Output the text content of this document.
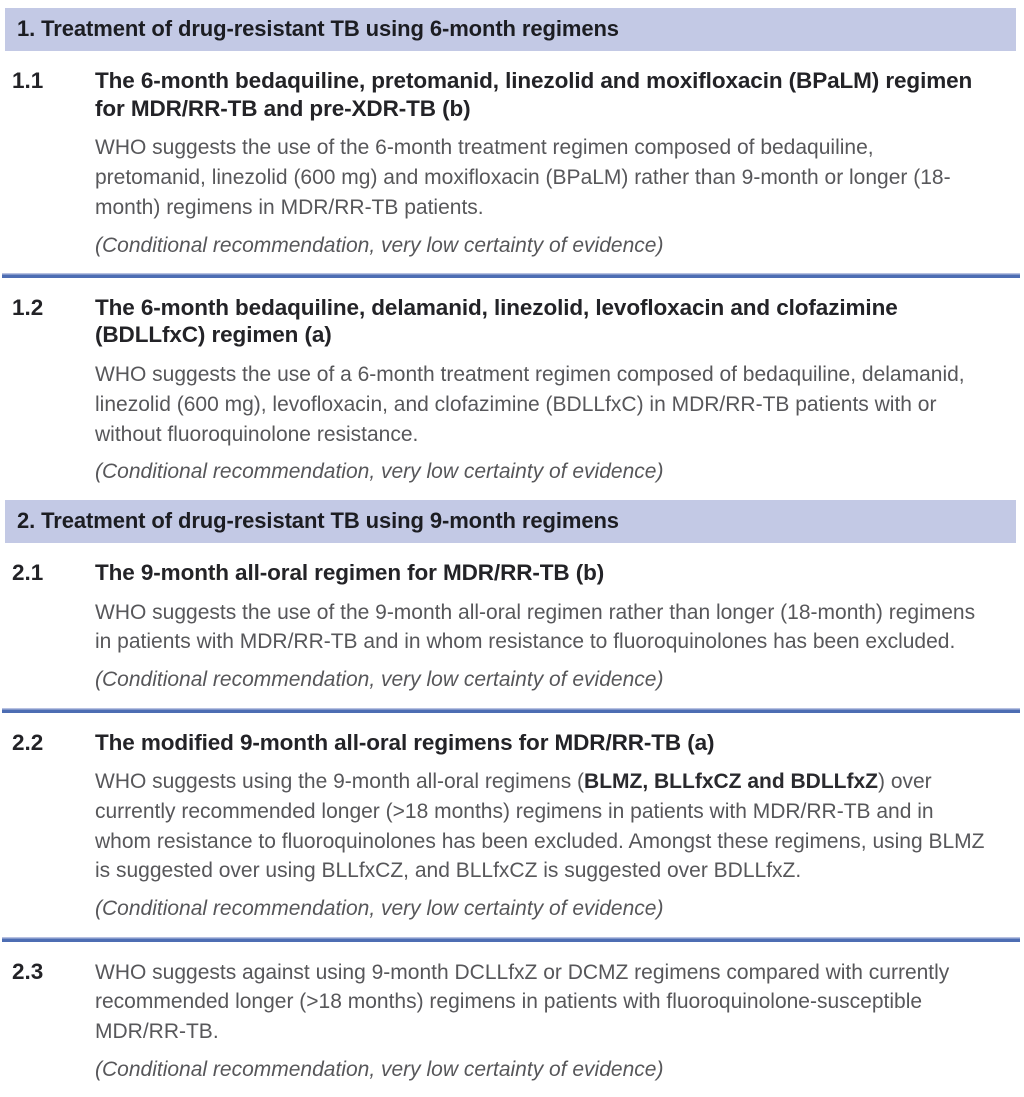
1. Treatment of drug-resistant TB using 6-month regimens
1.1	The 6-month bedaquiline, pretomanid, linezolid and moxifloxacin (BPaLM) regimen for MDR/RR-TB and pre-XDR-TB (b)

WHO suggests the use of the 6-month treatment regimen composed of bedaquiline, pretomanid, linezolid (600 mg) and moxifloxacin (BPaLM) rather than 9-month or longer (18-month) regimens in MDR/RR-TB patients.

(Conditional recommendation, very low certainty of evidence)

1.2	The 6-month bedaquiline, delamanid, linezolid, levofloxacin and clofazimine (BDLLfxC) regimen (a)

WHO suggests the use of a 6-month treatment regimen composed of bedaquiline, delamanid, linezolid (600 mg), levofloxacin, and clofazimine (BDLLfxC) in MDR/RR-TB patients with or without fluoroquinolone resistance.

(Conditional recommendation, very low certainty of evidence)

2. Treatment of drug-resistant TB using 9-month regimens
2.1	The 9-month all-oral regimen for MDR/RR-TB (b)

WHO suggests the use of the 9-month all-oral regimen rather than longer (18-month) regimens in patients with MDR/RR-TB and in whom resistance to fluoroquinolones has been excluded.

(Conditional recommendation, very low certainty of evidence)

2.2	The modified 9-month all-oral regimens for MDR/RR-TB (a)

WHO suggests using the 9-month all-oral regimens (BLMZ, BLLfxCZ and BDLLfxZ) over currently recommended longer (>18 months) regimens in patients with MDR/RR-TB and in whom resistance to fluoroquinolones has been excluded. Amongst these regimens, using BLMZ is suggested over using BLLfxCZ, and BLLfxCZ is suggested over BDLLfxZ.

(Conditional recommendation, very low certainty of evidence)

2.3	WHO suggests against using 9-month DCLLfxZ or DCMZ regimens compared with currently recommended longer (>18 months) regimens in patients with fluoroquinolone-susceptible MDR/RR-TB.

(Conditional recommendation, very low certainty of evidence)
